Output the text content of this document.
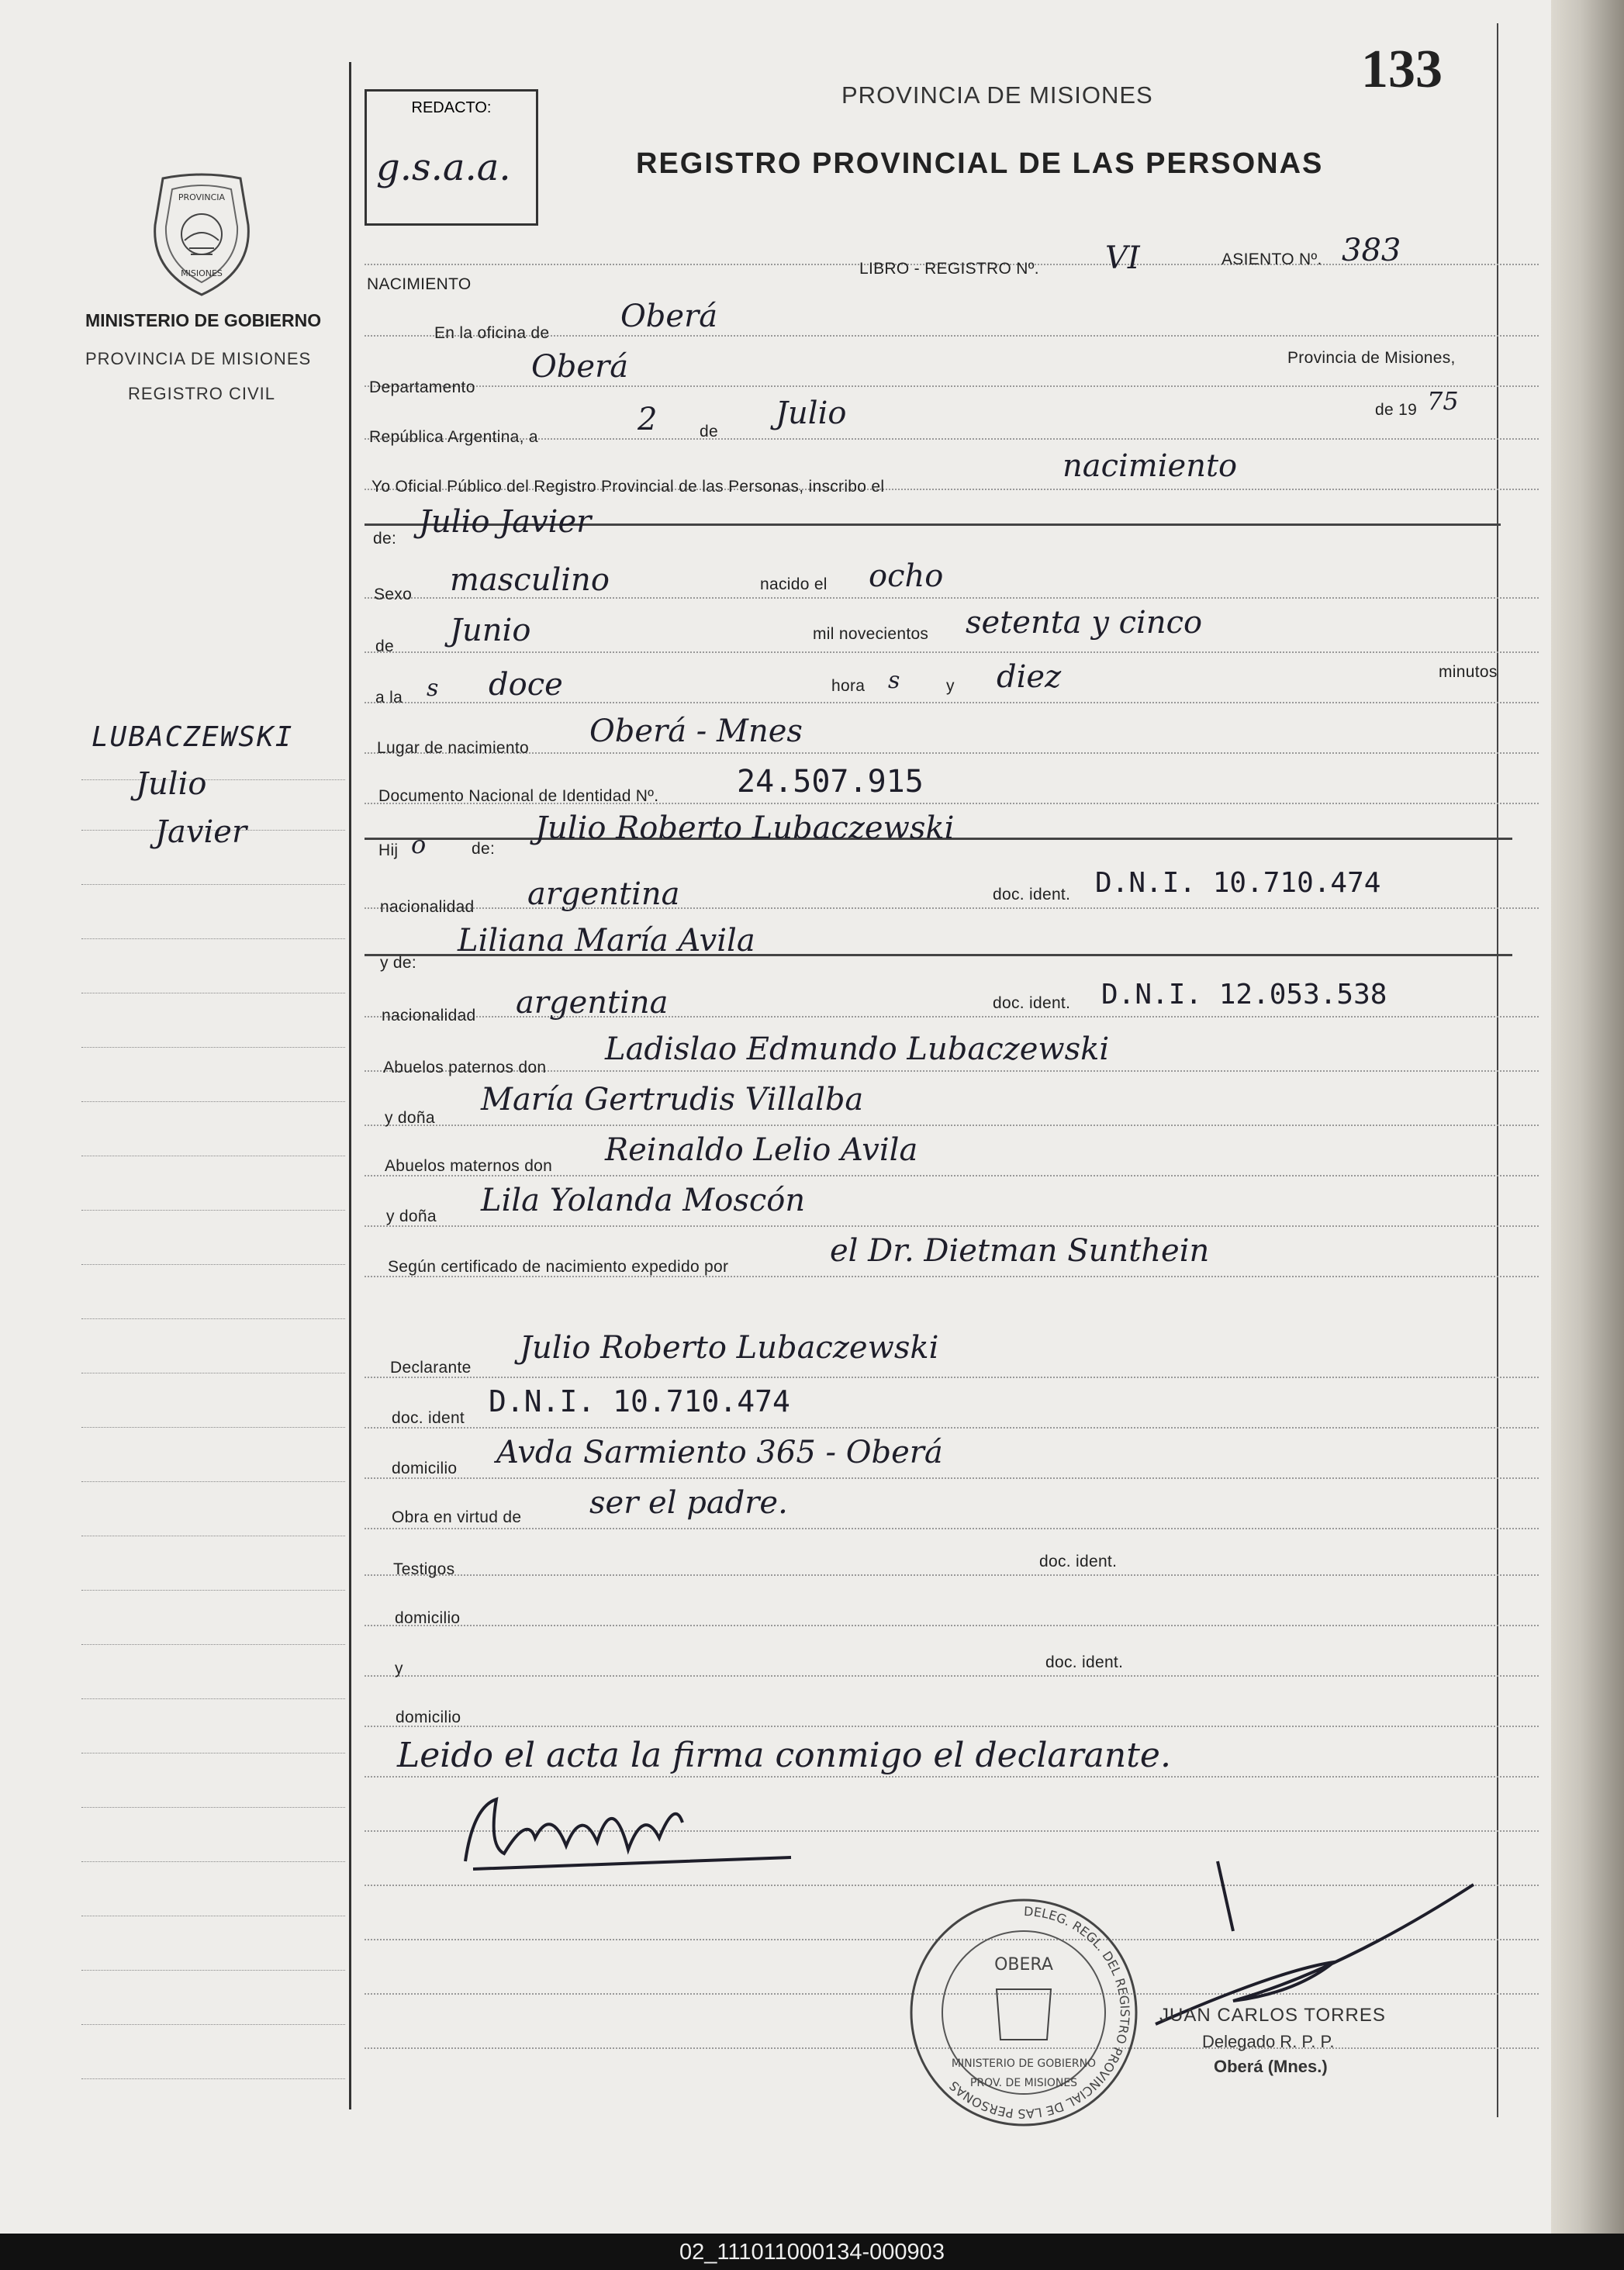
REDACTO:
g.s.a.a.
133
PROVINCIA DE MISIONES
REGISTRO PROVINCIAL DE LAS PERSONAS
PROVINCIA
MISIONES
MINISTERIO DE GOBIERNO
PROVINCIA DE MISIONES
REGISTRO CIVIL
LUBACZEWSKI
Julio
Javier
NACIMIENTO
LIBRO - REGISTRO Nº. VI	ASIENTO Nº. 383
En la oficina de Oberá
Provincia de Misiones,
Departamento
Oberá
República Argentina, a	2	de
Julio	de 19 75
Yo Oficial Público del Registro Provincial de las Personas, inscribo el
nacimiento
de: Julio Javier
Sexo masculino	nacido el ocho
de Junio	mil novecientos setenta y cinco
a la s doce	hora s	y diez	minutos
Lugar de nacimiento Oberá - Mnes
Documento Nacional de Identidad Nº.	24.507.915
Hij o	de:
Julio Roberto Lubaczewski
nacionalidad argentina	doc. ident. D.N.I. 10.710.474
y de:
Liliana María Avila
nacionalidad argentina	doc. ident. D.N.I. 12.053.538
Abuelos paternos don
Ladislao Edmundo Lubaczewski
y doña
María Gertrudis Villalba
Abuelos maternos don Reinaldo Lelio Avila
y doña Lila Yolanda Moscón
Según certificado de nacimiento expedido por	el Dr. Dietman Sunthein
Declarante
Julio Roberto Lubaczewski
doc. ident D.N.I. 10.710.474
domicilio Avda Sarmiento 365 - Oberá
Obra en virtud de ser el padre.
Testigos	doc. ident.
domicilio
y	doc. ident.
domicilio
Leido el acta la firma conmigo el declarante.
DELEG. REGL. DEL REGISTRO PROVINCIAL DE LAS PERSONAS
OBERA
MINISTERIO DE GOBIERNO
PROV. DE MISIONES
JUAN CARLOS TORRES
Delegado R. P. P.
Oberá (Mnes.)
02_111011000134-000903
